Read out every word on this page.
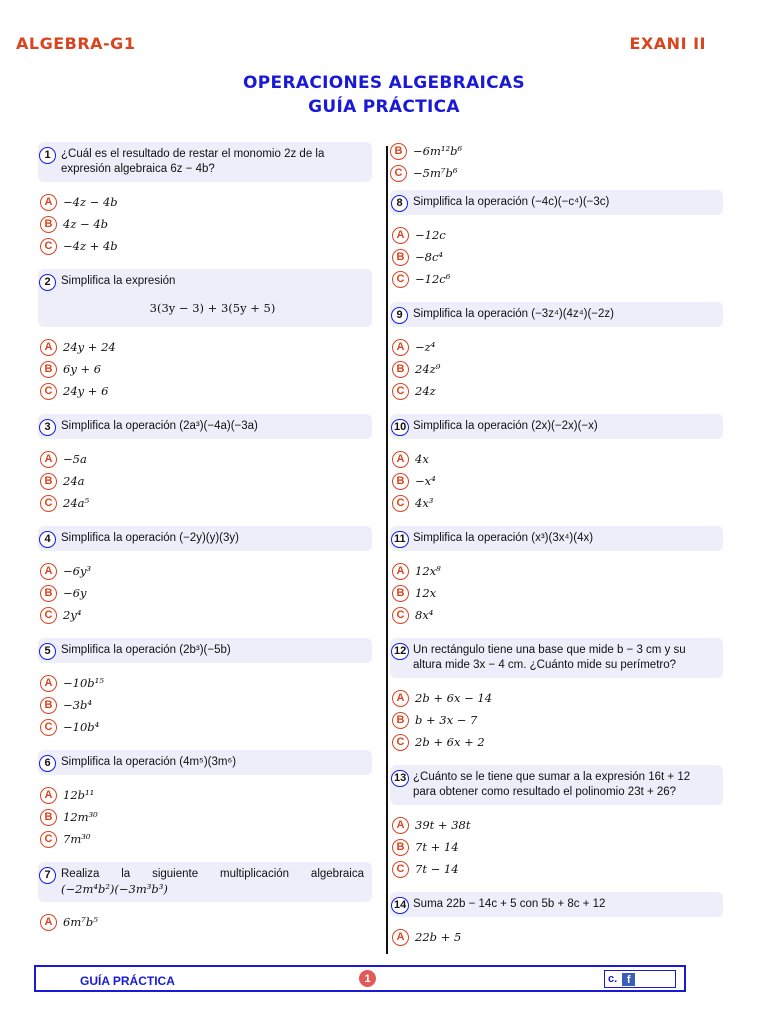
ALGEBRA-G1	EXANI II
OPERACIONES ALGEBRAICAS
GUÍA PRÁCTICA
1 ¿Cuál es el resultado de restar el monomio 2z de la expresión algebraica 6z − 4b?
A −4z − 4b
B 4z − 4b
C −4z + 4b
2 Simplifica la expresión
3(3y − 3) + 3(5y + 5)
A 24y + 24
B 6y + 6
C 24y + 6
3 Simplifica la operación (2a³)(−4a)(−3a)
A −5a
B 24a
C 24a⁵
4 Simplifica la operación (−2y)(y)(3y)
A −6y³
B −6y
C 2y⁴
5 Simplifica la operación (2b³)(−5b)
A −10b¹⁵
B −3b⁴
C −10b⁴
6 Simplifica la operación (4m⁵)(3m⁶)
A 12b¹¹
B 12m³⁰
C 7m³⁰
7 Realiza la siguiente multiplicación algebraica
(−2m⁴b²)(−3m³b³)
A 6m⁷b⁵
B −6m¹²b⁶
C −5m⁷b⁶
8 Simplifica la operación (−4c)(−c⁴)(−3c)
A −12c
B −8c⁴
C −12c⁶
9 Simplifica la operación (−3z⁴)(4z⁴)(−2z)
A −z⁴
B 24z⁹
C 24z
10 Simplifica la operación (2x)(−2x)(−x)
A 4x
B −x⁴
C 4x³
11 Simplifica la operación (x³)(3x⁴)(4x)
A 12x⁸
B 12x
C 8x⁴
12 Un rectángulo tiene una base que mide b − 3 cm y su altura mide 3x − 4 cm. ¿Cuánto mide su perímetro?
A 2b + 6x − 14
B b + 3x − 7
C 2b + 6x + 2
13 ¿Cuánto se le tiene que sumar a la expresión 16t + 12 para obtener como resultado el polinomio 23t + 26?
A 39t + 38t
B 7t + 14
C 7t − 14
14 Suma 22b − 14c + 5 con 5b + 8c + 12
A 22b + 5
GUÍA PRÁCTICA	1	c. f
